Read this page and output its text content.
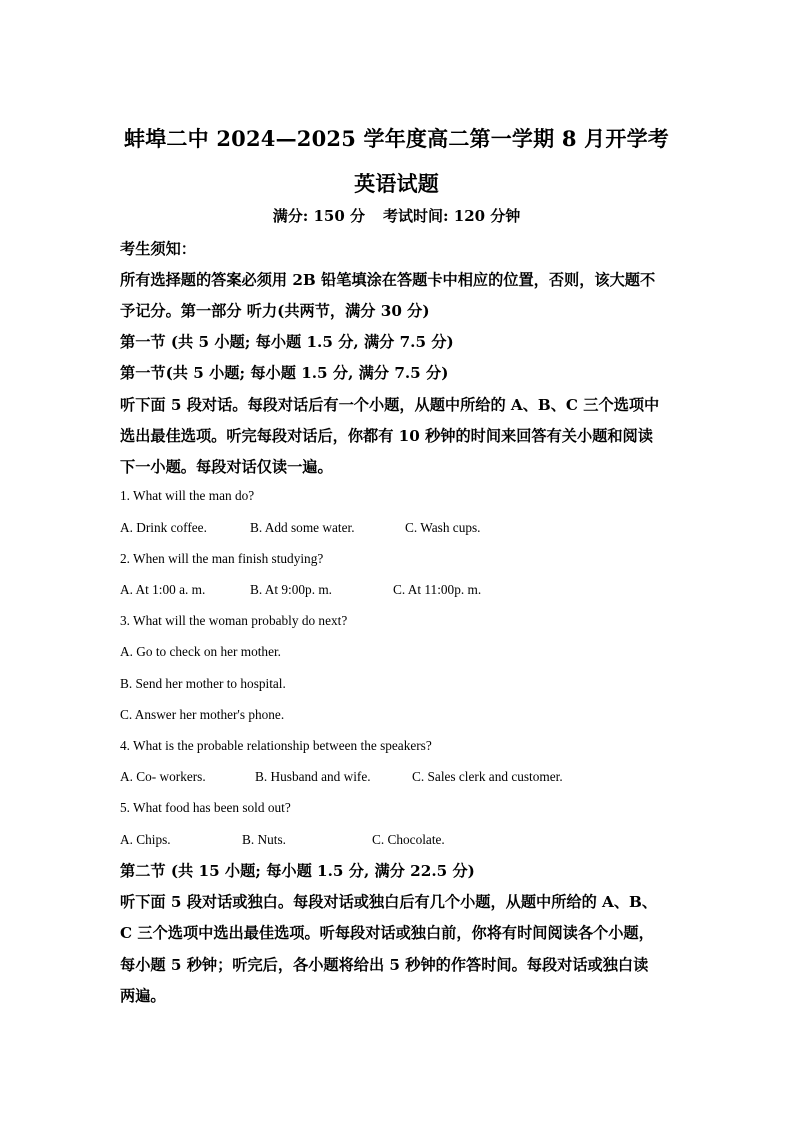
蚌埠二中 2024—2025 学年度高二第一学期 8 月开学考
英语试题
满分: 150 分 考试时间: 120 分钟
考生须知：
所有选择题的答案必须用 2B 铅笔填涂在答题卡中相应的位置，否则，该大题不
予记分。第一部分 听力(共两节，满分 30 分)
第一节 (共 5 小题; 每小题 1.5 分, 满分 7.5 分)
第一节(共 5 小题; 每小题 1.5 分, 满分 7.5 分)
听下面 5 段对话。每段对话后有一个小题，从题中所给的 A、B、C 三个选项中
选出最佳选项。听完每段对话后，你都有 10 秒钟的时间来回答有关小题和阅读
下一小题。每段对话仅读一遍。
1. What will the man do?
A. Drink coffee.	B. Add some water.	C. Wash cups.
2. When will the man finish studying?
A. At 1:00 a. m.	B. At 9:00p. m.	C. At 11:00p. m.
3. What will the woman probably do next?
A. Go to check on her mother.
B. Send her mother to hospital.
C. Answer her mother's phone.
4. What is the probable relationship between the speakers?
A. Co- workers.	B. Husband and wife.	C. Sales clerk and customer.
5. What food has been sold out?
A. Chips.	B. Nuts.	C. Chocolate.
第二节 (共 15 小题; 每小题 1.5 分, 满分 22.5 分)
听下面 5 段对话或独白。每段对话或独白后有几个小题，从题中所给的 A、B、
C 三个选项中选出最佳选项。听每段对话或独白前，你将有时间阅读各个小题，
每小题 5 秒钟；听完后，各小题将给出 5 秒钟的作答时间。每段对话或独白读
两遍。
